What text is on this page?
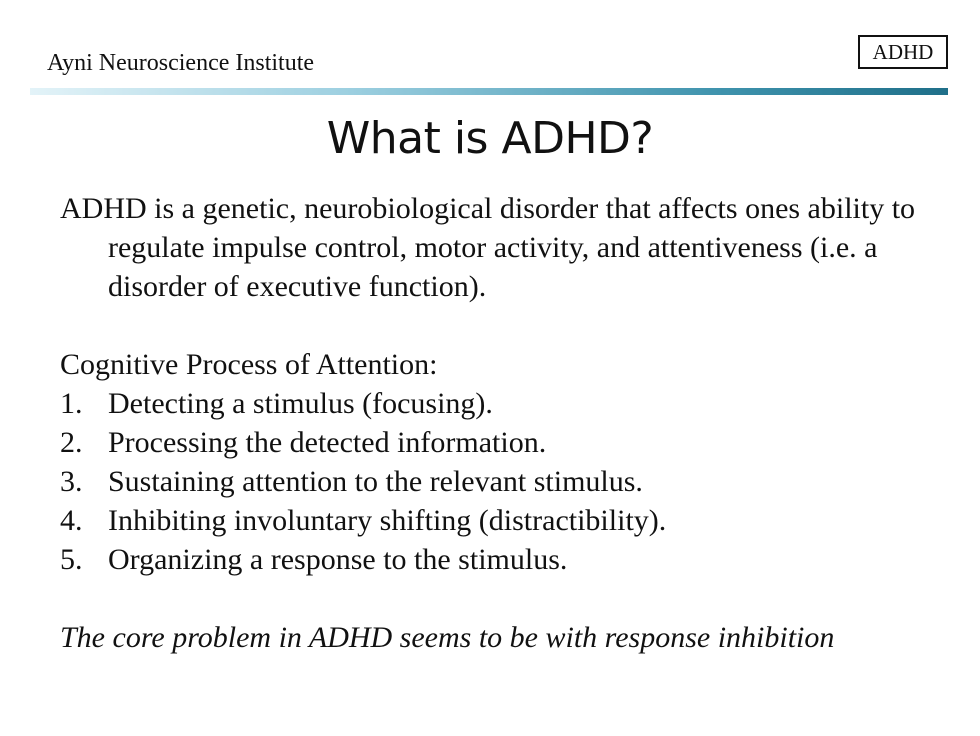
Ayni Neuroscience Institute	ADHD
What is ADHD?
ADHD is a genetic, neurobiological disorder that affects ones ability to regulate impulse control, motor activity, and attentiveness (i.e. a disorder of executive function).
Cognitive Process of Attention:
1. Detecting a stimulus (focusing).
2. Processing the detected information.
3. Sustaining attention to the relevant stimulus.
4. Inhibiting involuntary shifting (distractibility).
5. Organizing a response to the stimulus.
The core problem in ADHD seems to be with response inhibition
